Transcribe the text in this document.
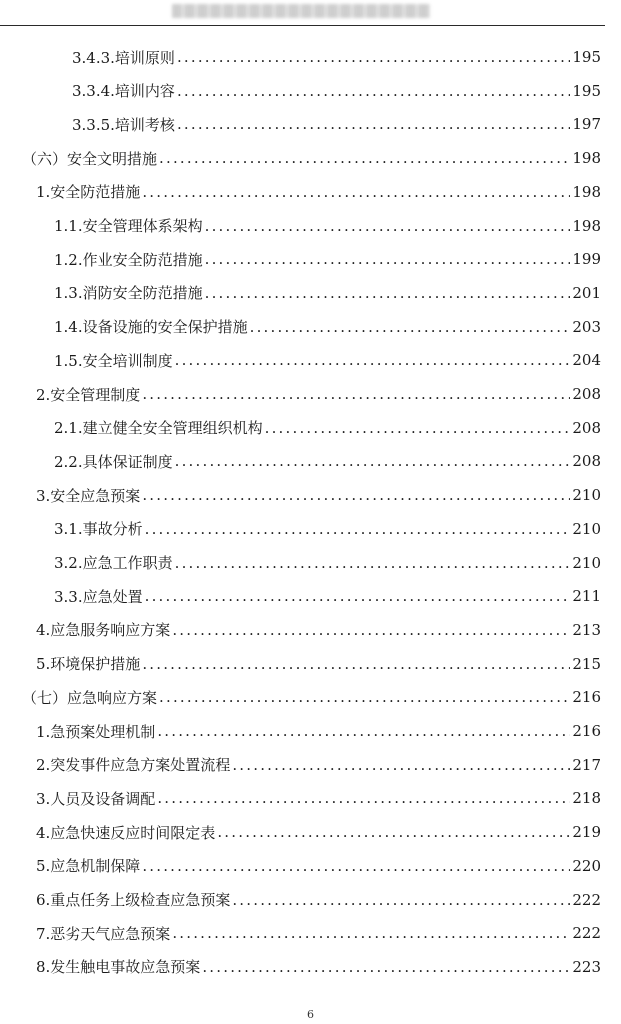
3.4.3.培训原则 .....	195
3.3.4.培训内容 .....	195
3.3.5.培训考核 .....	197
（六）安全文明措施 .....	198
1.安全防范措施 .....	198
1.1.安全管理体系架构 .....	198
1.2.作业安全防范措施 .....	199
1.3.消防安全防范措施 .....	201
1.4.设备设施的安全保护措施 .....	203
1.5.安全培训制度 .....	204
2.安全管理制度 .....	208
2.1.建立健全安全管理组织机构 .....	208
2.2.具体保证制度 .....	208
3.安全应急预案 .....	210
3.1.事故分析 .....	210
3.2.应急工作职责 .....	210
3.3.应急处置 .....	211
4.应急服务响应方案 .....	213
5.环境保护措施 .....	215
（七）应急响应方案 .....	216
1.急预案处理机制 .....	216
2.突发事件应急方案处置流程 .....	217
3.人员及设备调配 .....	218
4.应急快速反应时间限定表 .....	219
5.应急机制保障 .....	220
6.重点任务上级检查应急预案 .....	222
7.恶劣天气应急预案 .....	222
8.发生触电事故应急预案 .....	223
6
